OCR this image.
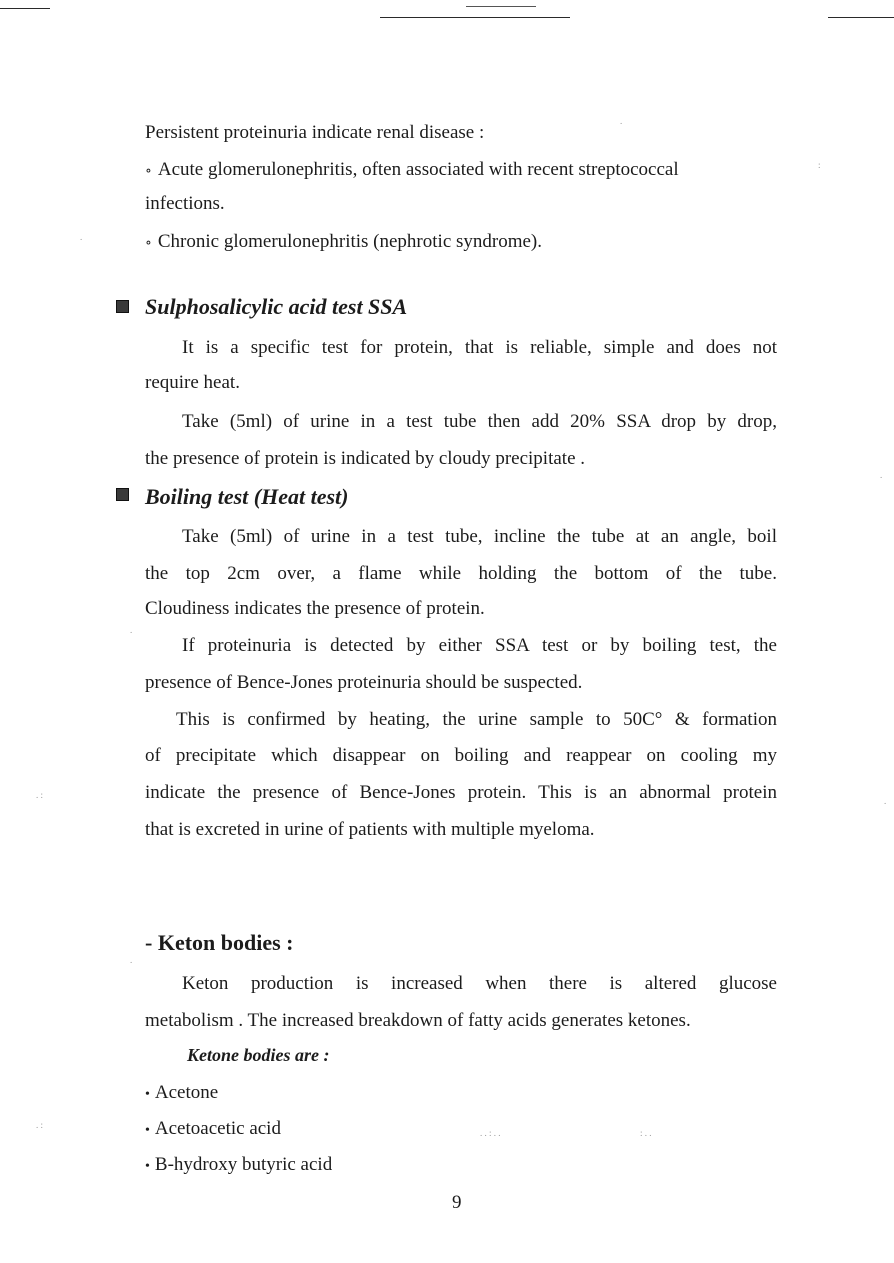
Persistent proteinuria indicate renal disease :
∘ Acute glomerulonephritis, often associated with recent streptococcal
infections.
∘ Chronic glomerulonephritis (nephrotic syndrome).
Sulphosalicylic acid test SSA
It is a specific test for protein, that is reliable, simple and does not
require heat.
Take (5ml) of urine in a test tube then add 20% SSA drop by drop,
the presence of protein is indicated by cloudy precipitate .
Boiling test (Heat test)
Take (5ml) of urine in a test tube, incline the tube at an angle, boil
the top 2cm over, a flame while holding the bottom of the tube.
Cloudiness indicates the presence of protein.
If proteinuria is detected by either SSA test or by boiling test, the
presence of Bence-Jones proteinuria should be suspected.
This is confirmed by heating, the urine sample to 50C° & formation
of precipitate which disappear on boiling and reappear on cooling my
indicate the presence of Bence-Jones protein. This is an abnormal protein
that is excreted in urine of patients with multiple myeloma.
- Keton bodies :
Keton production is increased when there is altered glucose
metabolism . The increased breakdown of fatty acids generates ketones.
Ketone bodies are :
• Acetone
• Acetoacetic acid
• B-hydroxy butyric acid
9
.
:
.
.
.
. :
. :
.
.
. . : . .	: . .
